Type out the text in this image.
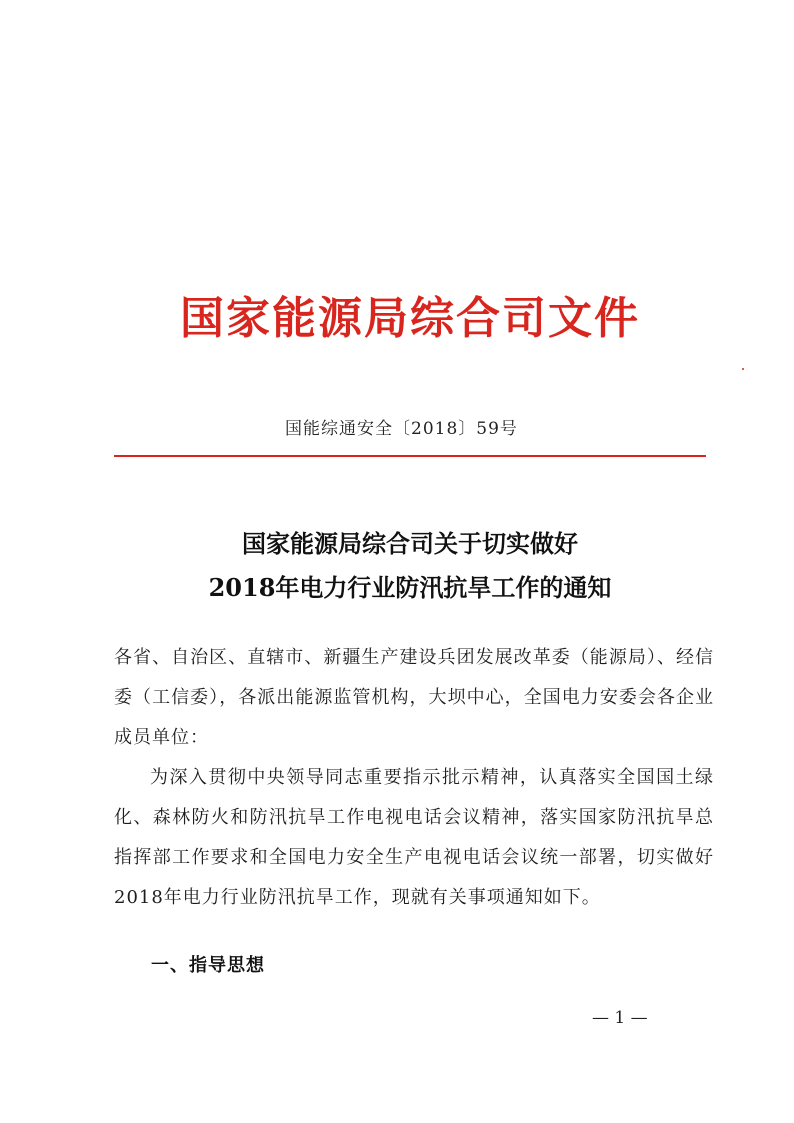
国家能源局综合司文件
国能综通安全〔2018〕59号
国家能源局综合司关于切实做好
2018年电力行业防汛抗旱工作的通知

各省、自治区、直辖市、新疆生产建设兵团发展改革委（能源局）、经信委（工信委），各派出能源监管机构，大坝中心，全国电力安委会各企业成员单位：

为深入贯彻中央领导同志重要指示批示精神，认真落实全国国土绿化、森林防火和防汛抗旱工作电视电话会议精神，落实国家防汛抗旱总指挥部工作要求和全国电力安全生产电视电话会议统一部署，切实做好2018年电力行业防汛抗旱工作，现就有关事项通知如下。

一、指导思想
— 1 —
